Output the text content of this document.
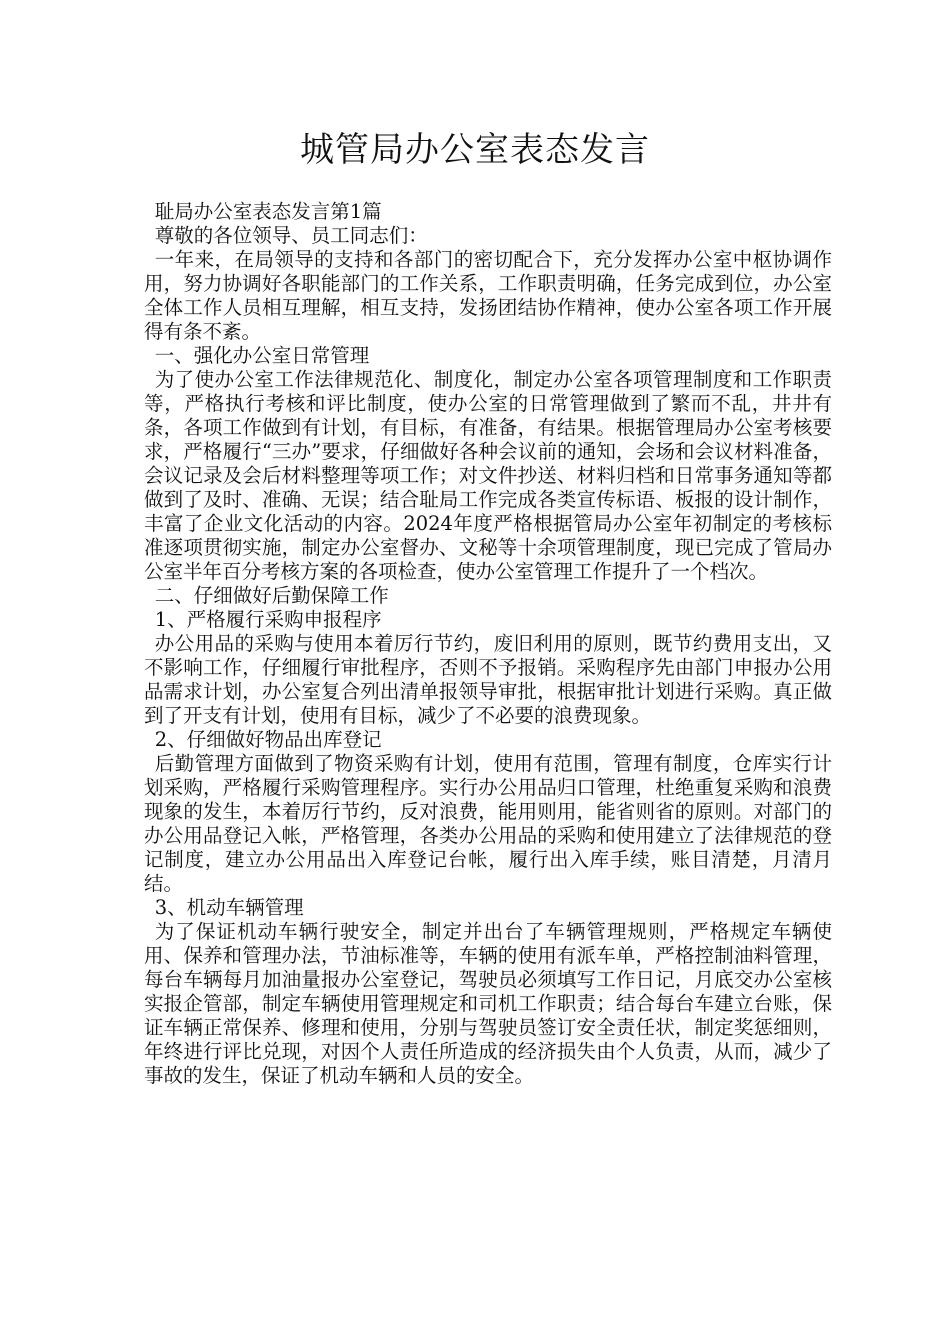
城管局办公室表态发言

耻局办公室表态发言第1篇

尊敬的各位领导、员工同志们：

一年来，在局领导的支持和各部门的密切配合下，充分发挥办公室中枢协调作用，努力协调好各职能部门的工作关系，工作职责明确，任务完成到位，办公室全体工作人员相互理解，相互支持，发扬团结协作精神，使办公室各项工作开展得有条不紊。

一、强化办公室日常管理

为了使办公室工作法律规范化、制度化，制定办公室各项管理制度和工作职责等，严格执行考核和评比制度，使办公室的日常管理做到了繁而不乱，井井有条，各项工作做到有计划，有目标，有准备，有结果。根据管理局办公室考核要求，严格履行“三办”要求，仔细做好各种会议前的通知，会场和会议材料准备，会议记录及会后材料整理等项工作；对文件抄送、材料归档和日常事务通知等都做到了及时、准确、无误；结合耻局工作完成各类宣传标语、板报的设计制作，丰富了企业文化活动的内容。2024年度严格根据管局办公室年初制定的考核标准逐项贯彻实施，制定办公室督办、文秘等十余项管理制度，现已完成了管局办公室半年百分考核方案的各项检查，使办公室管理工作提升了一个档次。

二、仔细做好后勤保障工作

1、严格履行采购申报程序

办公用品的采购与使用本着厉行节约，废旧利用的原则，既节约费用支出，又不影响工作，仔细履行审批程序，否则不予报销。采购程序先由部门申报办公用品需求计划，办公室复合列出清单报领导审批，根据审批计划进行采购。真正做到了开支有计划，使用有目标，减少了不必要的浪费现象。

2、仔细做好物品出库登记

后勤管理方面做到了物资采购有计划，使用有范围，管理有制度，仓库实行计划采购，严格履行采购管理程序。实行办公用品归口管理，杜绝重复采购和浪费现象的发生，本着厉行节约，反对浪费，能用则用，能省则省的原则。对部门的办公用品登记入帐，严格管理，各类办公用品的采购和使用建立了法律规范的登记制度，建立办公用品出入库登记台帐，履行出入库手续，账目清楚，月清月结。

3、机动车辆管理

为了保证机动车辆行驶安全，制定并出台了车辆管理规则，严格规定车辆使用、保养和管理办法，节油标准等，车辆的使用有派车单，严格控制油料管理，每台车辆每月加油量报办公室登记，驾驶员必须填写工作日记，月底交办公室核实报企管部，制定车辆使用管理规定和司机工作职责；结合每台车建立台账，保证车辆正常保养、修理和使用，分别与驾驶员签订安全责任状，制定奖惩细则，年终进行评比兑现，对因个人责任所造成的经济损失由个人负责，从而，减少了事故的发生，保证了机动车辆和人员的安全。
